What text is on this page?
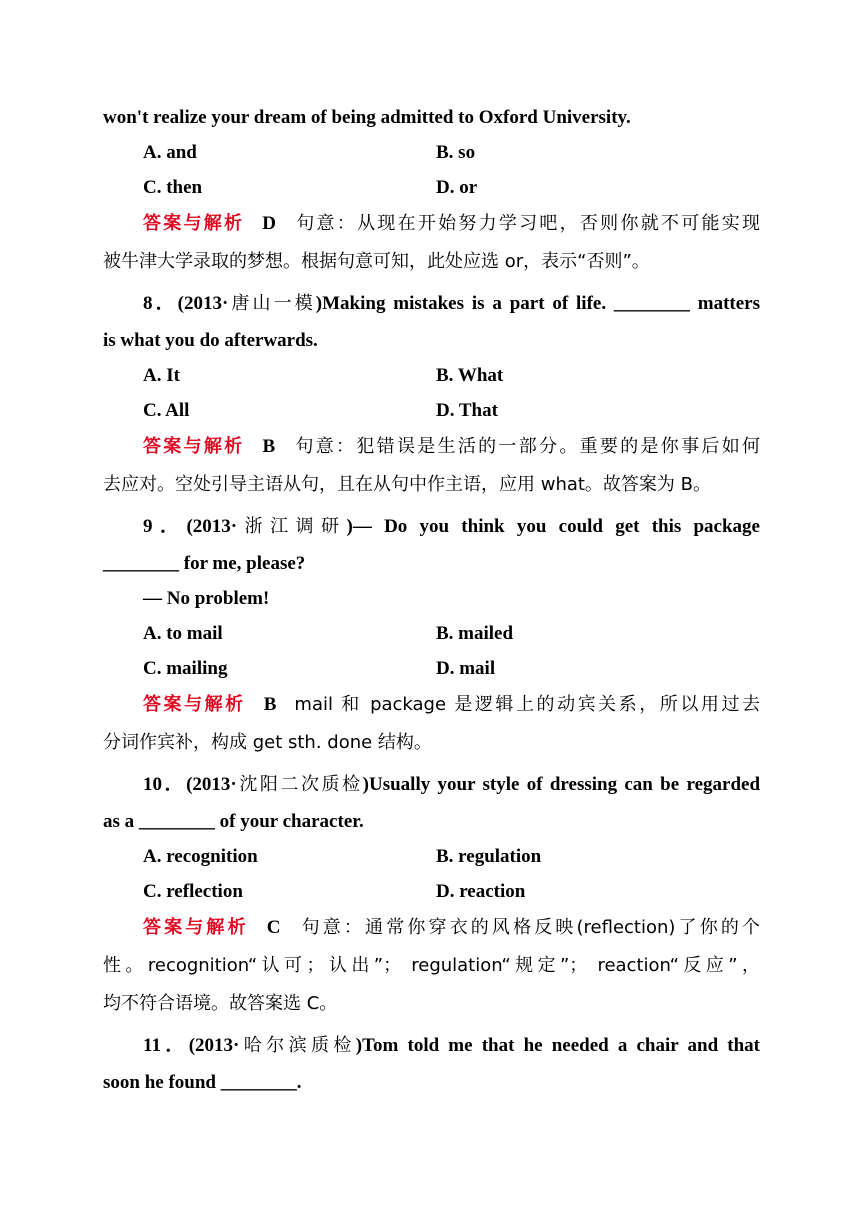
won't realize your dream of being admitted to Oxford University.
A. and	B. so
C. then	D. or
答案与解析 D 句意：从现在开始努力学习吧，否则你就不可能实现
被牛津大学录取的梦想。根据句意可知，此处应选 or，表示“否则”。
8．(2013·唐山一模)Making mistakes is a part of life. ________ matters
is what you do afterwards.
A. It	B. What
C. All	D. That
答案与解析 B 句意：犯错误是生活的一部分。重要的是你事后如何
去应对。空处引导主语从句，且在从句中作主语，应用 what。故答案为 B。
9．(2013·浙江调研)— Do you think you could get this package
________ for me, please?
— No problem!
A. to mail	B. mailed
C. mailing	D. mail
答案与解析 B mail 和 package 是逻辑上的动宾关系，所以用过去
分词作宾补，构成 get sth. done 结构。
10．(2013·沈阳二次质检)Usually your style of dressing can be regarded
as a ________ of your character.
A. recognition	B. regulation
C. reflection	D. reaction
答案与解析 C 句意：通常你穿衣的风格反映(reflection)了你的个
性。recognition“认可；认出”； regulation“规定”； reaction“反应”，
均不符合语境。故答案选 C。
11．(2013·哈尔滨质检)Tom told me that he needed a chair and that
soon he found ________.
